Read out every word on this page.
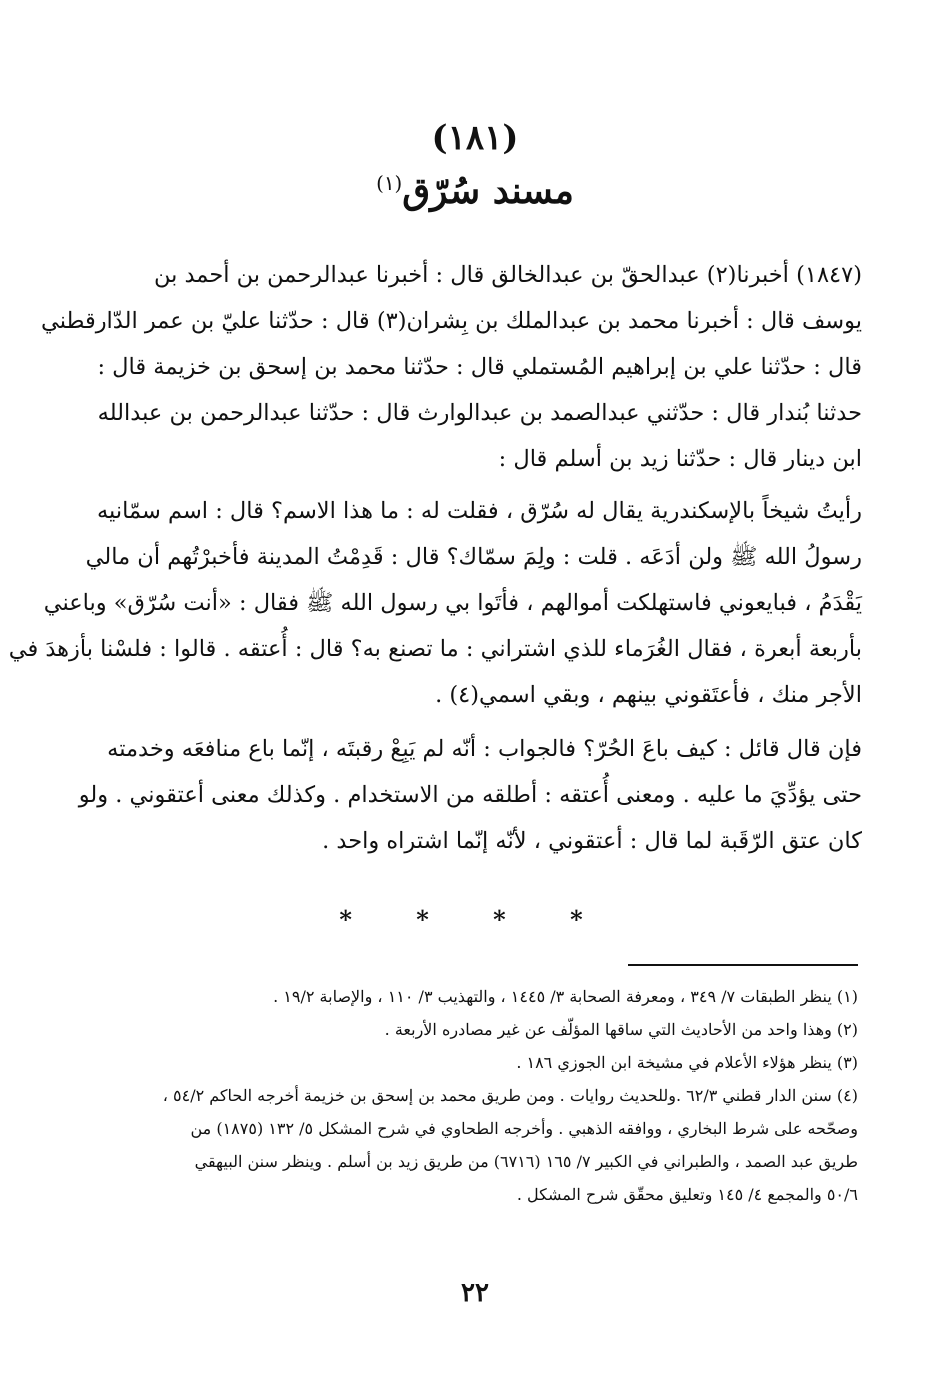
(١٨١)
مسند سُرّق$^{(١)}$
(١٨٤٧) أخبرنا(٢) عبدالحقّ بن عبدالخالق قال : أخبرنا عبدالرحمن بن أحمد بن
يوسف قال : أخبرنا محمد بن عبدالملك بن بِشران(٣) قال : حدّثنا عليّ بن عمر الدّارقطني
قال : حدّثنا علي بن إبراهيم المُستملي قال : حدّثنا محمد بن إسحق بن خزيمة قال :
حدثنا بُندار قال : حدّثني عبدالصمد بن عبدالوارث قال : حدّثنا عبدالرحمن بن عبدالله
ابن دينار قال : حدّثنا زيد بن أسلم قال :
رأيتُ شيخاً بالإسكندرية يقال له سُرّق ، فقلت له : ما هذا الاسم؟ قال : اسم سمّانيه
رسولُ الله ﷺ ولن أدَعَه . قلت : ولِمَ سمّاك؟ قال : قَدِمْتُ المدينة فأخبرْتُهم أن مالي
يَقْدَمُ ، فبايعوني فاستهلكت أموالهم ، فأتَوا بي رسول الله ﷺ فقال : «أنت سُرّق» وباعني
بأربعة أبعرة ، فقال الغُرَماء للذي اشتراني : ما تصنع به؟ قال : أُعتقه . قالوا : فلسْنا بأزهدَ في
الأجر منك ، فأعتَقوني بينهم ، وبقي اسمي(٤) .
فإن قال قائل : كيف باعَ الحُرّ؟ فالجواب : أنّه لم يَبِعْ رقبتَه ، إنّما باع منافعَه وخدمته
حتى يؤدِّيَ ما عليه . ومعنى أُعتقه : أطلقه من الاستخدام . وكذلك معنى أعتقوني . ولو
كان عتق الرّقَبة لما قال : أعتقوني ، لأنّه إنّما اشتراه واحد .
* * * *
(١) ينظر الطبقات ٧/ ٣٤٩ ، ومعرفة الصحابة ٣/ ١٤٤٥ ، والتهذيب ٣/ ١١٠ ، والإصابة ١٩/٢ .
(٢) وهذا واحد من الأحاديث التي ساقها المؤلّف عن غير مصادره الأربعة .
(٣) ينظر هؤلاء الأعلام في مشيخة ابن الجوزي ١٨٦ .
(٤) سنن الدار قطني ٦٢/٣ .وللحديث روايات . ومن طريق محمد بن إسحق بن خزيمة أخرجه الحاكم ٥٤/٢ ،
وصحّحه على شرط البخاري ، ووافقه الذهبي . وأخرجه الطحاوي في شرح المشكل ٥/ ١٣٢ (١٨٧٥) من
طريق عبد الصمد ، والطبراني في الكبير ٧/ ١٦٥ (٦٧١٦) من طريق زيد بن أسلم . وينظر سنن البيهقي
٥٠/٦ والمجمع ٤/ ١٤٥ وتعليق محقّق شرح المشكل .
٢٢
